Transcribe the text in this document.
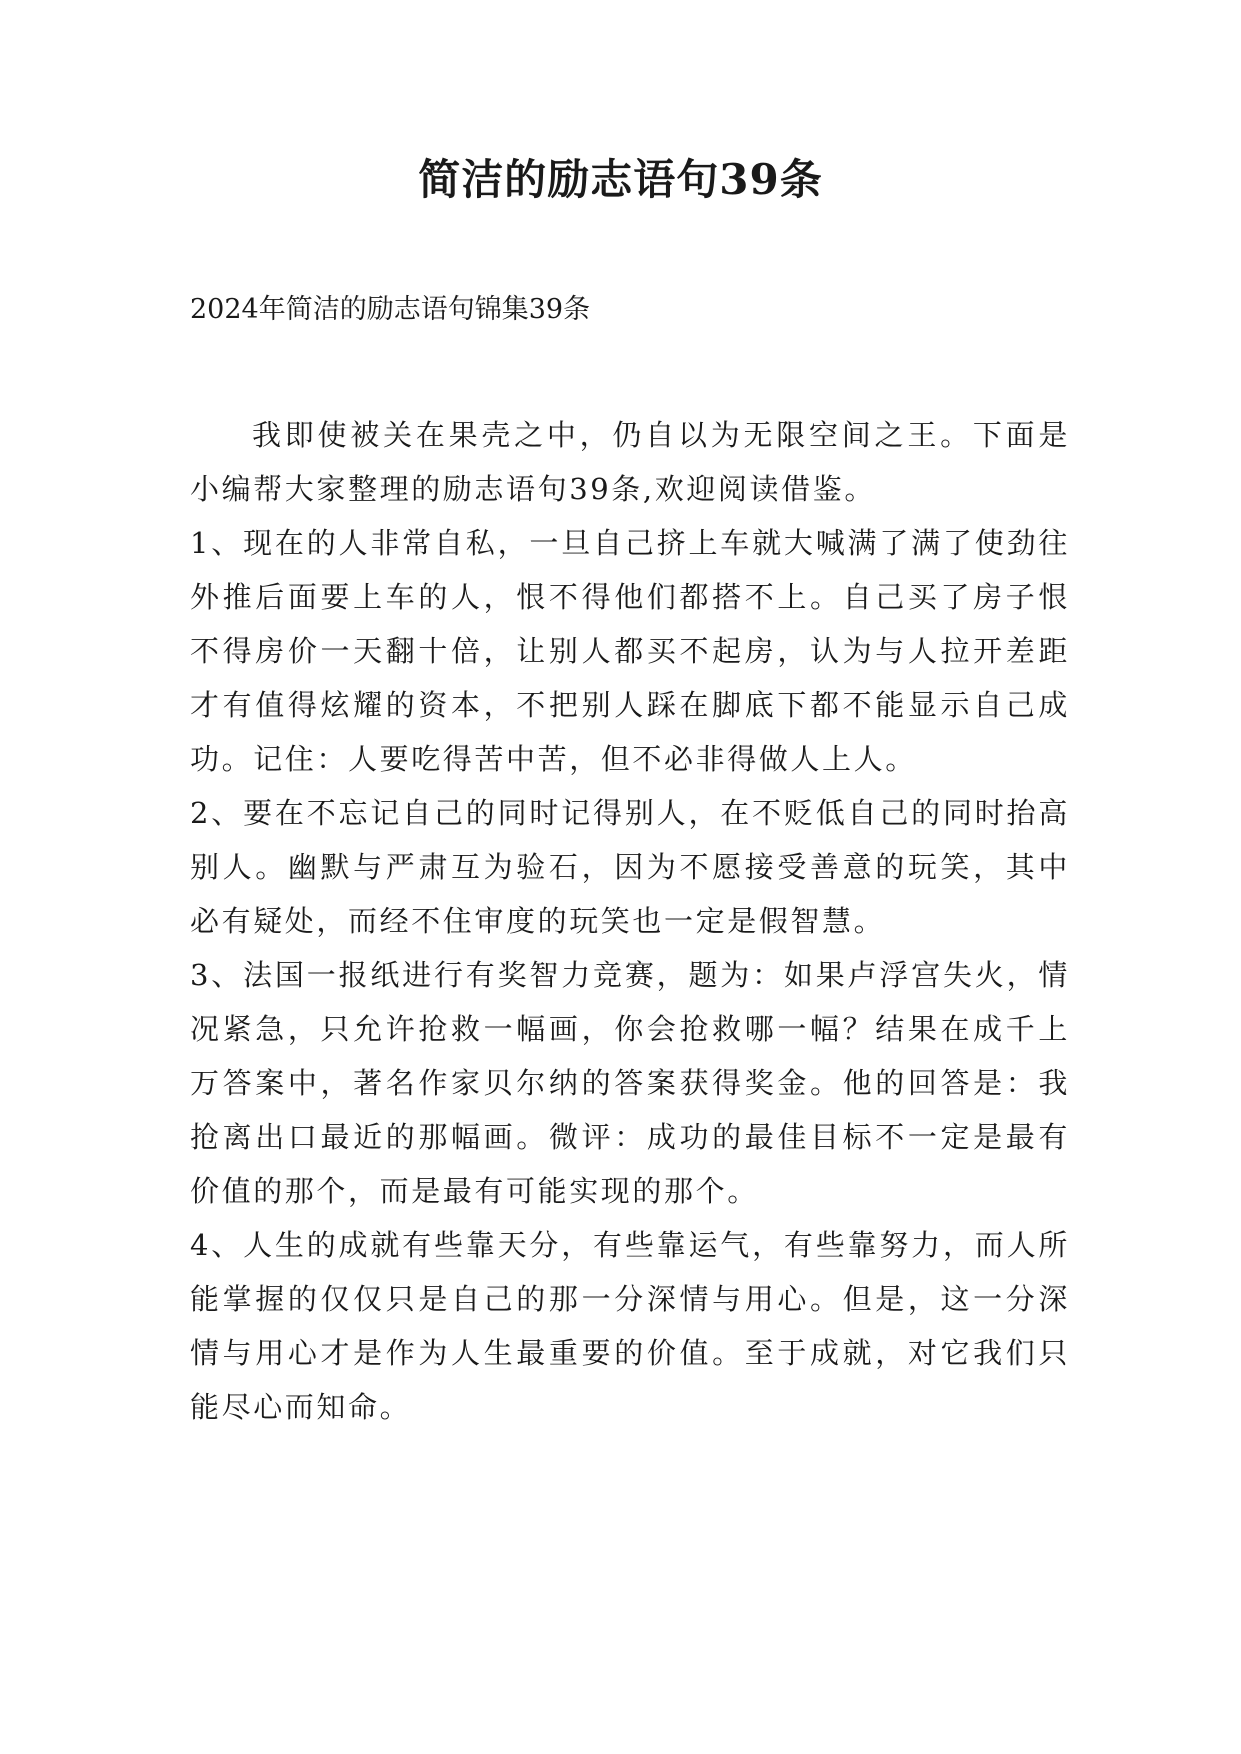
简洁的励志语句39条

2024年简洁的励志语句锦集39条

我即使被关在果壳之中，仍自以为无限空间之王。下面是小编帮大家整理的励志语句39条,欢迎阅读借鉴。

1、现在的人非常自私，一旦自己挤上车就大喊满了满了使劲往外推后面要上车的人，恨不得他们都搭不上。自己买了房子恨不得房价一天翻十倍，让别人都买不起房，认为与人拉开差距才有值得炫耀的资本，不把别人踩在脚底下都不能显示自己成功。记住：人要吃得苦中苦，但不必非得做人上人。

2、要在不忘记自己的同时记得别人，在不贬低自己的同时抬高别人。幽默与严肃互为验石，因为不愿接受善意的玩笑，其中必有疑处，而经不住审度的玩笑也一定是假智慧。

3、法国一报纸进行有奖智力竞赛，题为：如果卢浮宫失火，情况紧急，只允许抢救一幅画，你会抢救哪一幅？结果在成千上万答案中，著名作家贝尔纳的答案获得奖金。他的回答是：我抢离出口最近的那幅画。微评：成功的最佳目标不一定是最有价值的那个，而是最有可能实现的那个。

4、人生的成就有些靠天分，有些靠运气，有些靠努力，而人所能掌握的仅仅只是自己的那一分深情与用心。但是，这一分深情与用心才是作为人生最重要的价值。至于成就，对它我们只能尽心而知命。
